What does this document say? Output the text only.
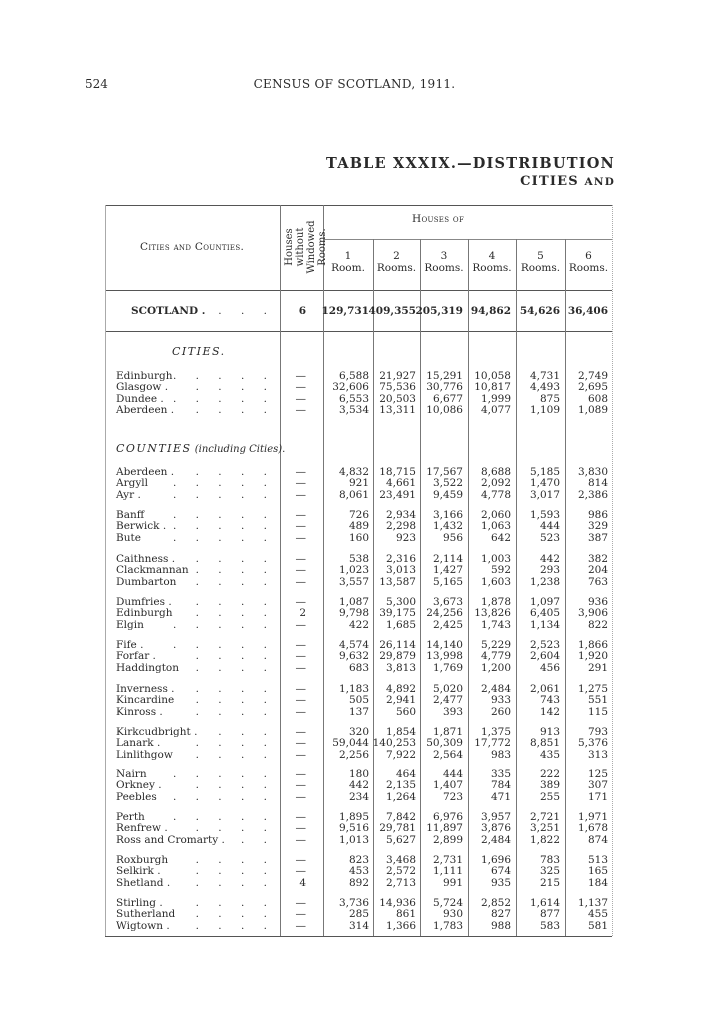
524	CENSUS OF SCOTLAND, 1911.
TABLE XXXIX.—DISTRIBUTION
CITIES AND
Cities and Counties.	Houses without Windowed Rooms.
Houses of
1
Room.
2
Rooms.
3
Rooms.
4
Rooms.
5
Rooms.
6
Rooms.
SCOTLAND . . . . 6 129,731 409,355 205,319 94,862 54,626 36,406
CITIES.
Edinburgh . . . . . —	6,588 21,927 15,291 10,058 4,731 2,749
Glasgow .	. . . . —	32,606 75,536 30,776 10,817 4,493 2,695
Dundee . . . . . . —	6,553 20,503 6,677 1,999	875	608
Aberdeen . . . . . —	3,534 13,311 10,086 4,077 1,109 1,089
COUNTIES (including Cities).
Aberdeen . . . . . —	4,832 18,715 17,567 8,688 5,185 3,830
Argyll . . . . . —	921 4,661 3,522 2,092 1,470	814
Ayr .	. . . . . —	8,061 23,491 9,459 4,778 3,017 2,386
Banff	. . . . . —	726 2,934 3,166 2,060 1,593	986
Berwick . . . . . . —	489 2,298 1,432 1,063	444	329
Bute	. . . . . —	160	923	956	642	523	387
Caithness . . . . . —	538 2,316 2,114 1,003	442	382
Clackmannan . . . . —	1,023 3,013 1,427	592	293	204
Dumbarton . . . . —	3,557 13,587 5,165 1,603 1,238	763
Dumfries . . . . . —	1,087 5,300 3,673 1,878 1,097	936
Edinburgh . . . . 2	9,798 39,175 24,256 13,826 6,405 3,906
Elgin	. . . . . —	422 1,685 2,425 1,743 1,134	822
Fife .	. . . . . —	4,574 26,114 14,140 5,229 2,523 1,866
Forfar .	. . . . —	9,632 29,879 13,998 4,779 2,604 1,920
Haddington . . . . —	683 3,813 1,769 1,200	456	291
Inverness . . . . . —	1,183 4,892 5,020 2,484 2,061 1,275
Kincardine . . . . —	505 2,941 2,477	933	743	551
Kinross .	. . . . —	137	560	393	260	142	115
Kirkcudbright . . . . —	320 1,854 1,871 1,375	913	793
Lanark .	. . . . —	59,044 140,253 50,309 17,772 8,851 5,376
Linlithgow . . . . —	2,256 7,922 2,564	983	435	313
Nairn	. . . . . —	180	464	444	335	222	125
Orkney .	. . . . —	442 2,135 1,407	784	389	307
Peebles . . . . . —	234 1,264	723	471	255	171
Perth	. . . . . —	1,895 7,842 6,976 3,957 2,721 1,971
Renfrew .	. . . . —	9,516 29,781 11,897 3,876 3,251 1,678
Ross and Cromarty . . . —	1,013 5,627 2,899 2,484 1,822	874
Roxburgh	. . . . —	823 3,468 2,731 1,696	783	513
Selkirk .	. . . . —	453 2,572 1,111	674	325	165
Shetland . . . . . 4	892 2,713	991	935	215	184
Stirling .	. . . . —	3,736 14,936 5,724 2,852 1,614 1,137
Sutherland . . . . —	285	861	930	827	877	455
Wigtown . . . . . —	314 1,366 1,783	988	583	581
